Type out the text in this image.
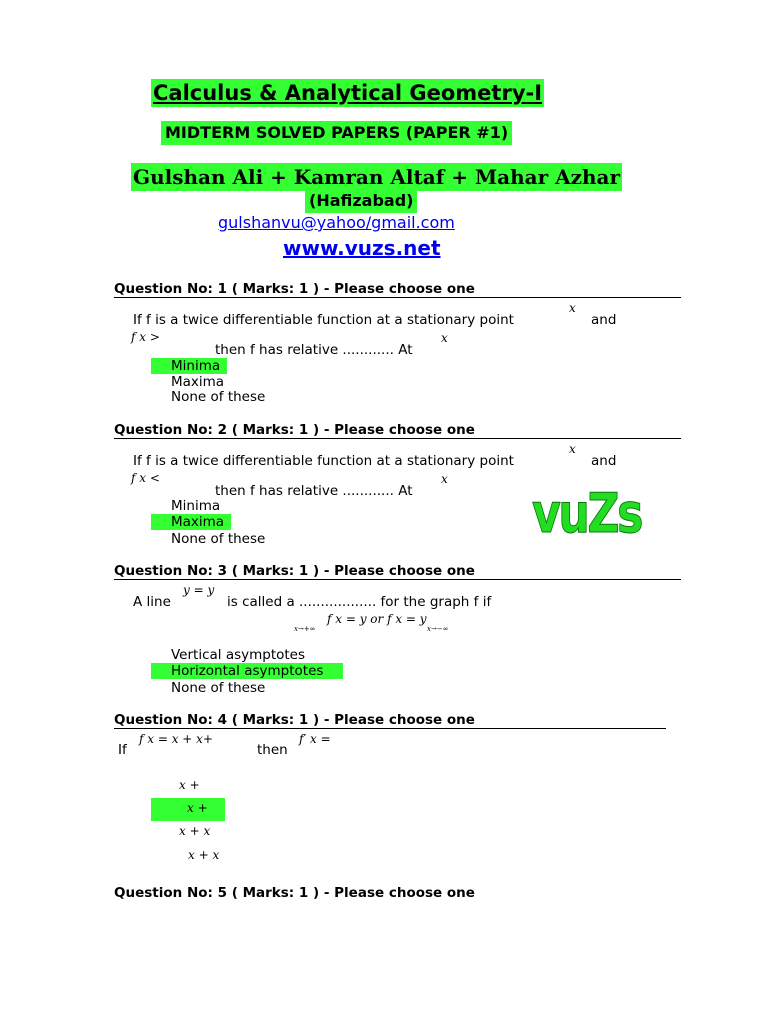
Calculus & Analytical Geometry-I
MIDTERM SOLVED PAPERS (PAPER #1)
Gulshan Ali + Kamran Altaf + Mahar Azhar
(Hafizabad)
gulshanvu@yahoo/gmail.com
www.vuzs.net
Question No: 1 ( Marks: 1 ) - Please choose one
x
If f is a twice differentiable function at a stationary point	and
f x >	x
then f has relative ............ At
Minima
Maxima
None of these
Question No: 2 ( Marks: 1 ) - Please choose one
x
If f is a twice differentiable function at a stationary point	and
f x <	x
then f has relative ............ At
Minima
Maxima
None of these	vuZs
Question No: 3 ( Marks: 1 ) - Please choose one
y = y
A line	is called a .................. for the graph f if
f x = y or f x = y
x→+∞	x→−∞
Vertical asymptotes
Horizontal asymptotes
None of these
Question No: 4 ( Marks: 1 ) - Please choose one
f x = x + x+	f′ x =
If	then
x +
x +
x + x
x + x
Question No: 5 ( Marks: 1 ) - Please choose one
